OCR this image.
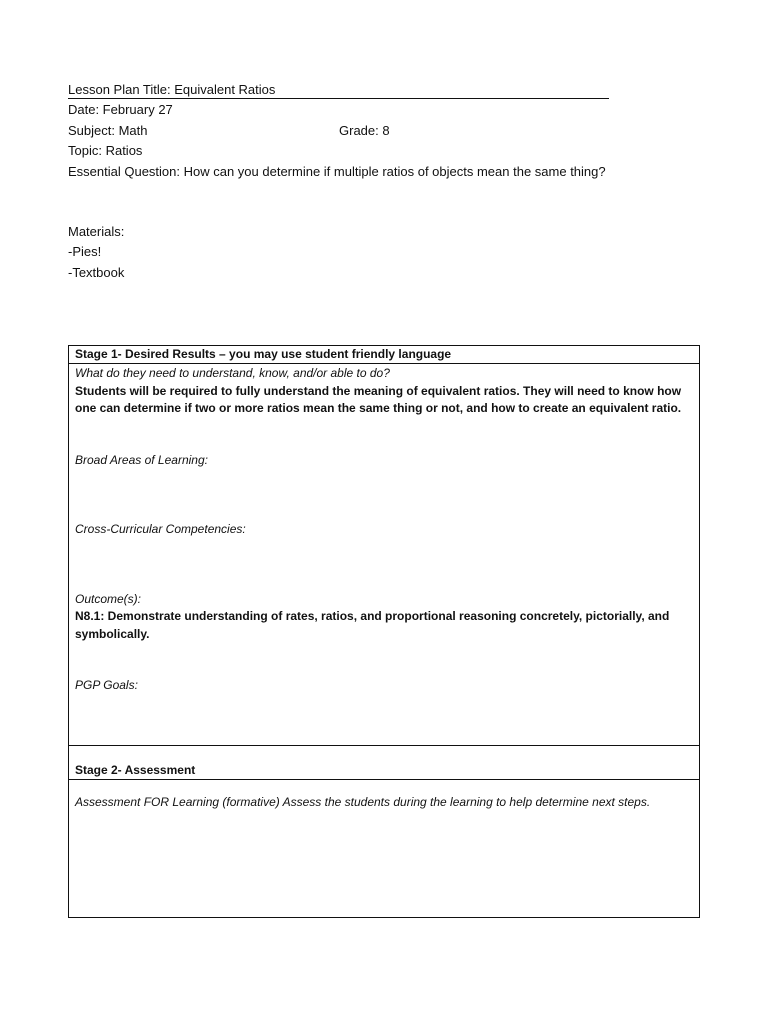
Lesson Plan Title: Equivalent Ratios
Date: February 27
Subject: Math	Grade: 8
Topic: Ratios
Essential Question: How can you determine if multiple ratios of objects mean the same thing?
Materials:
-Pies!
-Textbook
Stage 1- Desired Results – you may use student friendly language
What do they need to understand, know, and/or able to do?
Students will be required to fully understand the meaning of equivalent ratios. They will need to know how one can determine if two or more ratios mean the same thing or not, and how to create an equivalent ratio.
Broad Areas of Learning:
Cross-Curricular Competencies:
Outcome(s):
N8.1: Demonstrate understanding of rates, ratios, and proportional reasoning concretely, pictorially, and symbolically.
PGP Goals:
Stage 2- Assessment
Assessment FOR Learning (formative) Assess the students during the learning to help determine next steps.
